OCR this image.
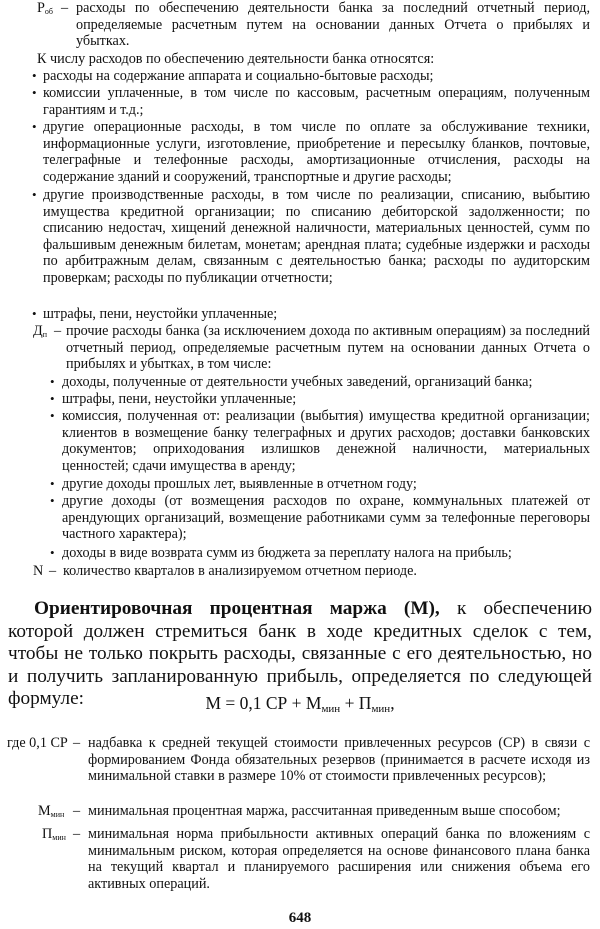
$Р_{об}$ – расходы по обеспечению деятельности банка за последний отчетный период, определяемые расчетным путем на основании данных Отчета о прибылях и убытках.
К числу расходов по обеспечению деятельности банка относятся:
• расходы на содержание аппарата и социально-бытовые расходы;
• комиссии уплаченные, в том числе по кассовым, расчетным операциям, полученным гарантиям и т.д.;
• другие операционные расходы, в том числе по оплате за обслуживание техники, информационные услуги, изготовление, приобретение и пересылку бланков, почтовые, телеграфные и телефонные расходы, амортизационные отчисления, расходы на содержание зданий и сооружений, транспортные и другие расходы;
• другие производственные расходы, в том числе по реализации, списанию, выбытию имущества кредитной организации; по списанию дебиторской задолженности; по списанию недостач, хищений денежной наличности, материальных ценностей, сумм по фальшивым денежным билетам, монетам; арендная плата; судебные издержки и расходы по арбитражным делам, связанным с деятельностью банка; расходы по аудиторским проверкам; расходы по публикации отчетности;
• штрафы, пени, неустойки уплаченные;
$Д_п$ – прочие расходы банка (за исключением дохода по активным операциям) за последний отчетный период, определяемые расчетным путем на основании данных Отчета о прибылях и убытках, в том числе:
• доходы, полученные от деятельности учебных заведений, организаций банка;
• штрафы, пени, неустойки уплаченные;
• комиссия, полученная от: реализации (выбытия) имущества кредитной организации; клиентов в возмещение банку телеграфных и других расходов; доставки банковских документов; оприходования излишков денежной наличности, материальных ценностей; сдачи имущества в аренду;
• другие доходы прошлых лет, выявленные в отчетном году;
• другие доходы (от возмещения расходов по охране, коммунальных платежей от арендующих организаций, возмещение работниками сумм за телефонные переговоры частного характера);
• доходы в виде возврата сумм из бюджета за переплату налога на прибыль;
N – количество кварталов в анализируемом отчетном периоде.
Ориентировочная процентная маржа (М), к обеспечению которой должен стремиться банк в ходе кредитных сделок с тем, чтобы не только покрыть расходы, связанные с его деятельностью, но и получить запланированную прибыль, определяется по следующей формуле:	М = 0,1 СР + $М_{мин} + П_{мин}$,
где 0,1 СР – надбавка к средней текущей стоимости привлеченных ресурсов (СР) в связи с формированием Фонда обязательных резервов (принимается в расчете исходя из минимальной ставки в размере 10% от стоимости привлеченных ресурсов);
$М_{мин}$ – минимальная процентная маржа, рассчитанная приведенным выше способом;
$П_{мин}$ – минимальная норма прибыльности активных операций банка по вложениям с минимальным риском, которая определяется на основе финансового плана банка на текущий квартал и планируемого расширения или снижения объема его активных операций.
648
